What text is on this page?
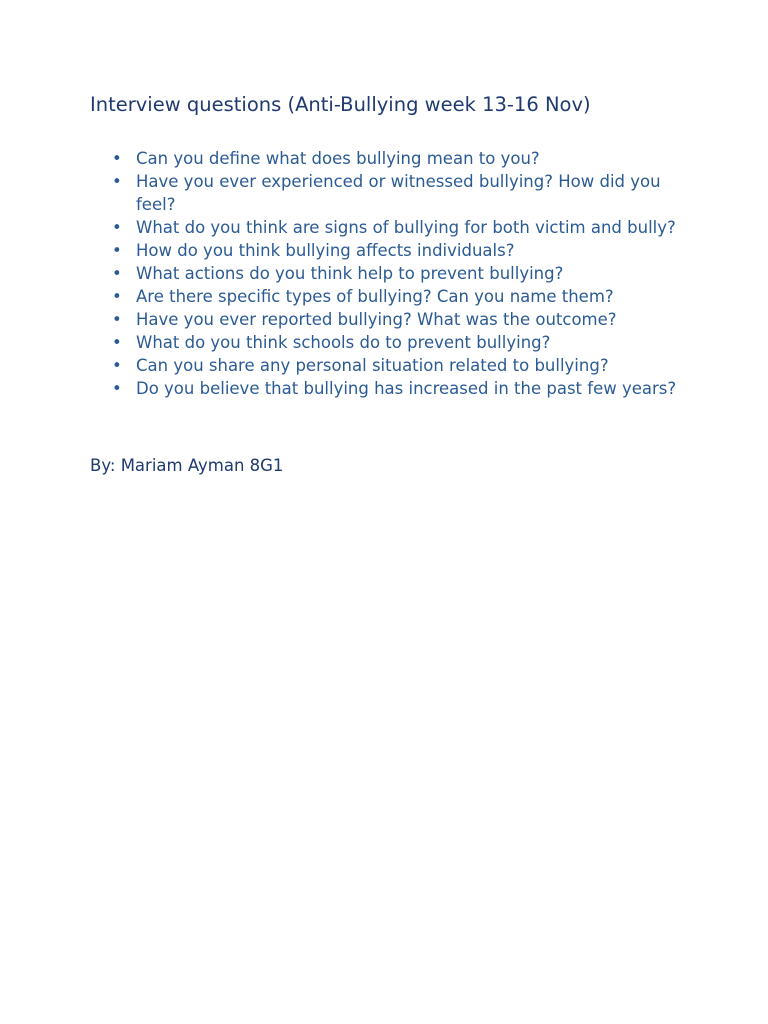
Interview questions (Anti-Bullying week 13-16 Nov)
• Can you define what does bullying mean to you?
• Have you ever experienced or witnessed bullying? How did you feel?
• What do you think are signs of bullying for both victim and bully?
• How do you think bullying affects individuals?
• What actions do you think help to prevent bullying?
• Are there specific types of bullying? Can you name them?
• Have you ever reported bullying? What was the outcome?
• What do you think schools do to prevent bullying?
• Can you share any personal situation related to bullying?
• Do you believe that bullying has increased in the past few years?

By: Mariam Ayman 8G1
